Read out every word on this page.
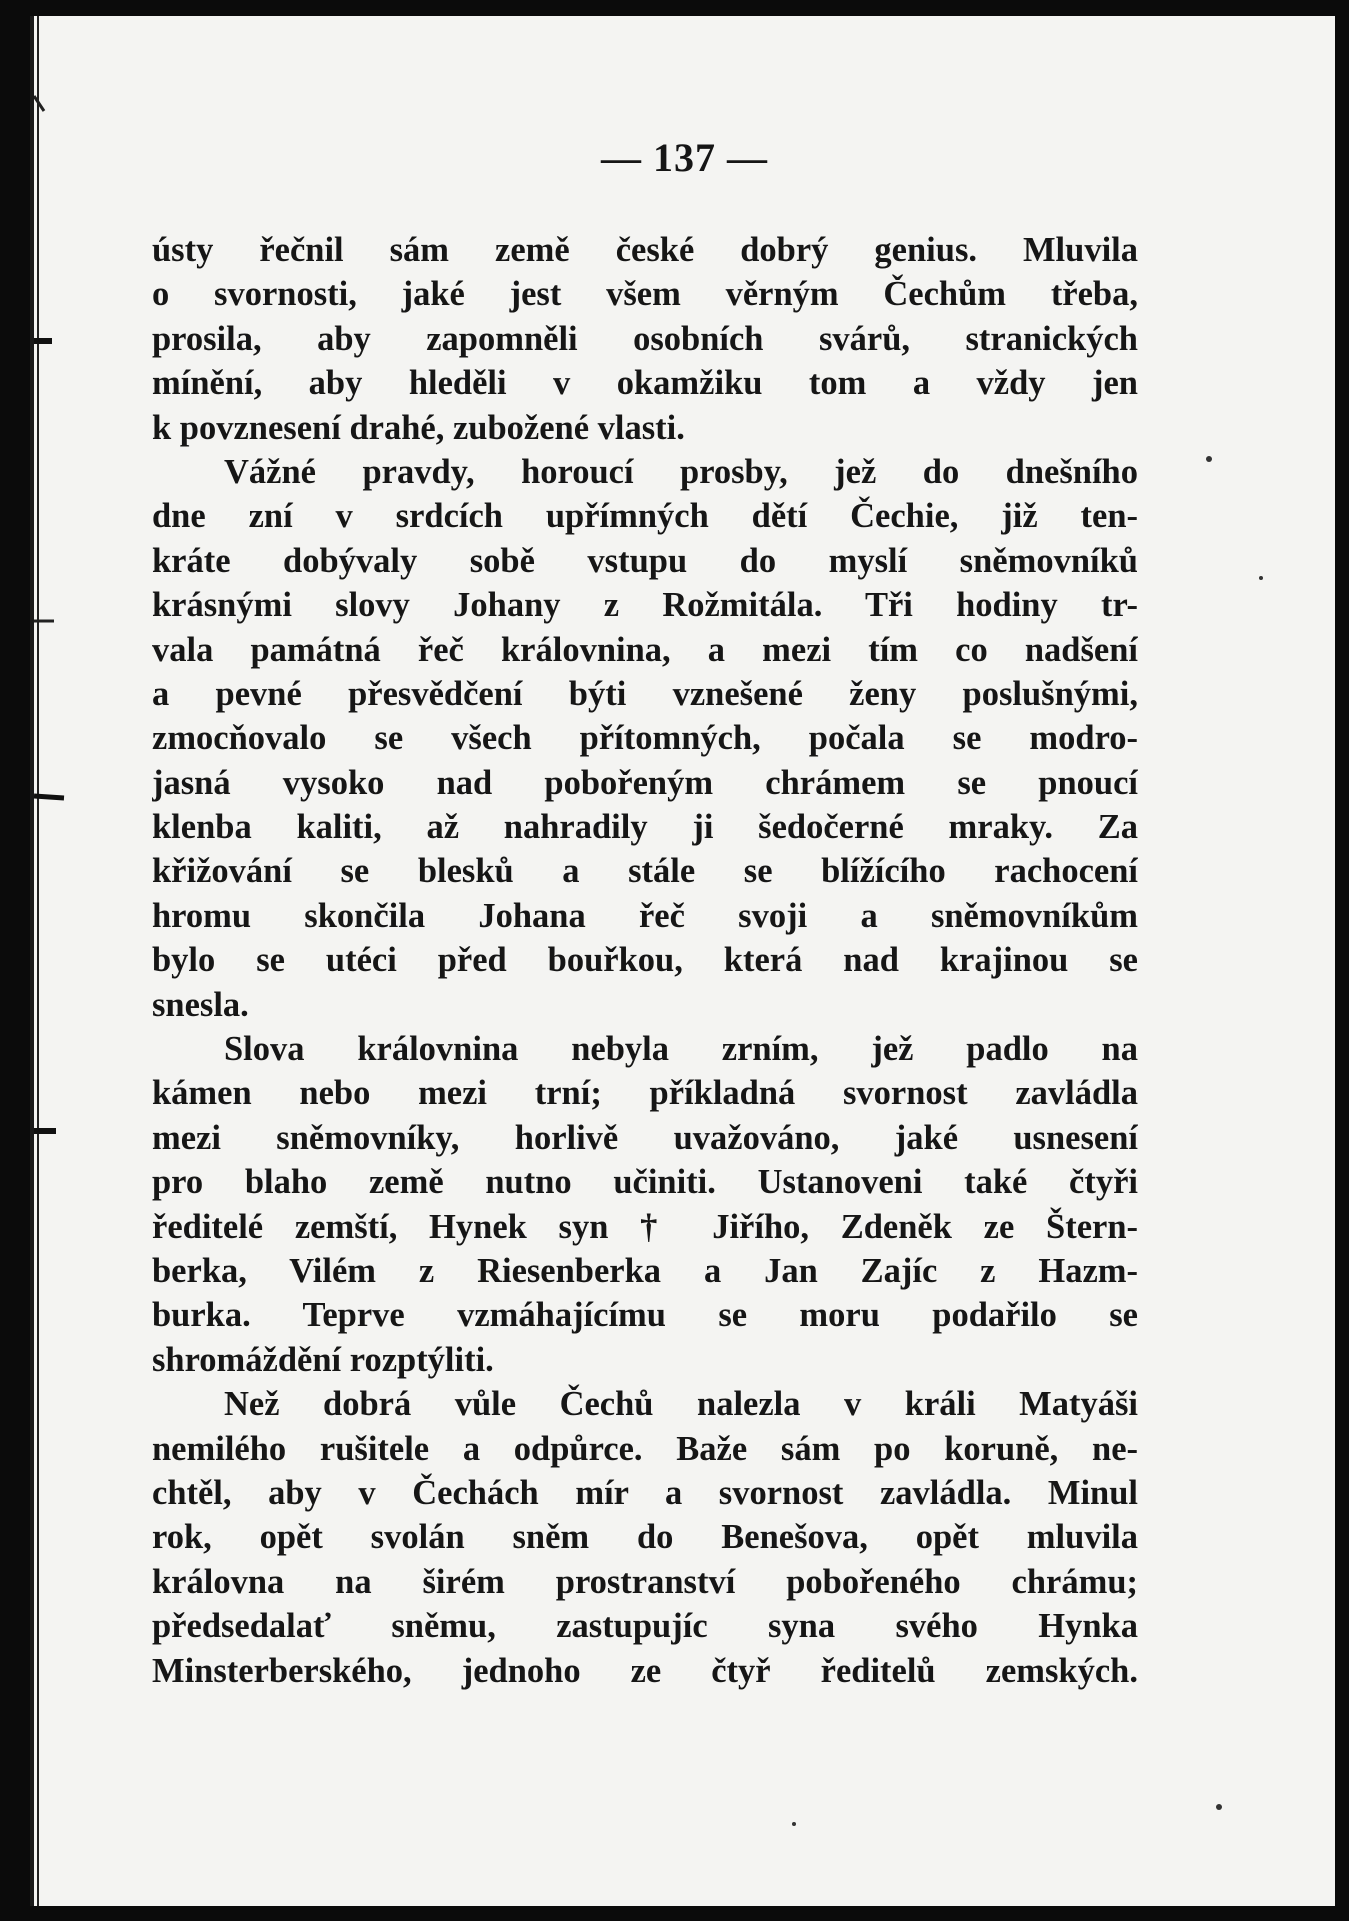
— 137 —
ústy řečnil sám země české dobrý genius. Mluvila
o svornosti, jaké jest všem věrným Čechům třeba,
prosila, aby zapomněli osobních svárů, stranických
mínění, aby hleděli v okamžiku tom a vždy jen
k povznesení drahé, zubožené vlasti.
Vážné pravdy, horoucí prosby, jež do dnešního
dne zní v srdcích upřímných dětí Čechie, již ten-
kráte dobývaly sobě vstupu do myslí sněmovníků
krásnými slovy Johany z Rožmitála. Tři hodiny tr-
vala památná řeč královnina, a mezi tím co nadšení
a pevné přesvědčení býti vznešené ženy poslušnými,
zmocňovalo se všech přítomných, počala se modro-
jasná vysoko nad pobořeným chrámem se pnoucí
klenba kaliti, až nahradily ji šedočerné mraky. Za
křižování se blesků a stále se blížícího rachocení
hromu skončila Johana řeč svoji a sněmovníkům
bylo se utéci před bouřkou, která nad krajinou se
snesla.
Slova královnina nebyla zrním, jež padlo na
kámen nebo mezi trní; příkladná svornost zavládla
mezi sněmovníky, horlivě uvažováno, jaké usnesení
pro blaho země nutno učiniti. Ustanoveni také čtyři
ředitelé zemští, Hynek syn † Jiřího, Zdeněk ze Štern-
berka, Vilém z Riesenberka a Jan Zajíc z Hazm-
burka. Teprve vzmáhajícímu se moru podařilo se
shromáždění rozptýliti.
Než dobrá vůle Čechů nalezla v králi Matyáši
nemilého rušitele a odpůrce. Baže sám po koruně, ne-
chtěl, aby v Čechách mír a svornost zavládla. Minul
rok, opět svolán sněm do Benešova, opět mluvila
královna na širém prostranství pobořeného chrámu;
předsedalať sněmu, zastupujíc syna svého Hynka
Minsterberského, jednoho ze čtyř ředitelů zemských.
